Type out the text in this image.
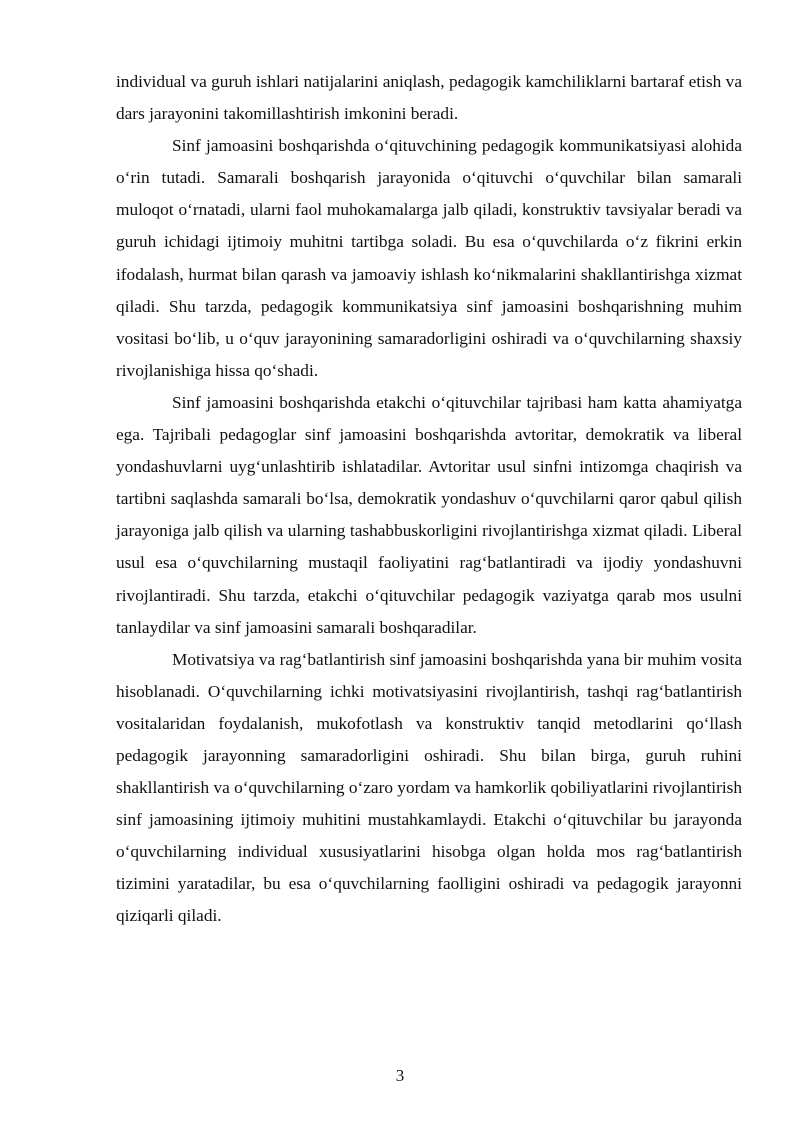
individual va guruh ishlari natijalarini aniqlash, pedagogik kamchiliklarni bartaraf etish va dars jarayonini takomillashtirish imkonini beradi.

Sinf jamoasini boshqarishda oʻqituvchining pedagogik kommunikatsiyasi alohida oʻrin tutadi. Samarali boshqarish jarayonida oʻqituvchi oʻquvchilar bilan samarali muloqot oʻrnatadi, ularni faol muhokamalarga jalb qiladi, konstruktiv tavsiyalar beradi va guruh ichidagi ijtimoiy muhitni tartibga soladi. Bu esa oʻquvchilarda oʻz fikrini erkin ifodalash, hurmat bilan qarash va jamoaviy ishlash koʻnikmalarini shakllantirishga xizmat qiladi. Shu tarzda, pedagogik kommunikatsiya sinf jamoasini boshqarishning muhim vositasi boʻlib, u oʻquv jarayonining samaradorligini oshiradi va oʻquvchilarning shaxsiy rivojlanishiga hissa qoʻshadi.

Sinf jamoasini boshqarishda etakchi oʻqituvchilar tajribasi ham katta ahamiyatga ega. Tajribali pedagoglar sinf jamoasini boshqarishda avtoritar, demokratik va liberal yondashuvlarni uygʻunlashtirib ishlatadilar. Avtoritar usul sinfni intizomga chaqirish va tartibni saqlashda samarali boʻlsa, demokratik yondashuv oʻquvchilarni qaror qabul qilish jarayoniga jalb qilish va ularning tashabbuskorligini rivojlantirishga xizmat qiladi. Liberal usul esa oʻquvchilarning mustaqil faoliyatini ragʻbatlantiradi va ijodiy yondashuvni rivojlantiradi. Shu tarzda, etakchi oʻqituvchilar pedagogik vaziyatga qarab mos usulni tanlaydilar va sinf jamoasini samarali boshqaradilar.

Motivatsiya va ragʻbatlantirish sinf jamoasini boshqarishda yana bir muhim vosita hisoblanadi. Oʻquvchilarning ichki motivatsiyasini rivojlantirish, tashqi ragʻbatlantirish vositalaridan foydalanish, mukofotlash va konstruktiv tanqid metodlarini qoʻllash pedagogik jarayonning samaradorligini oshiradi. Shu bilan birga, guruh ruhini shakllantirish va oʻquvchilarning oʻzaro yordam va hamkorlik qobiliyatlarini rivojlantirish sinf jamoasining ijtimoiy muhitini mustahkamlaydi. Etakchi oʻqituvchilar bu jarayonda oʻquvchilarning individual xususiyatlarini hisobga olgan holda mos ragʻbatlantirish tizimini yaratadilar, bu esa oʻquvchilarning faolligini oshiradi va pedagogik jarayonni qiziqarli qiladi.

3
